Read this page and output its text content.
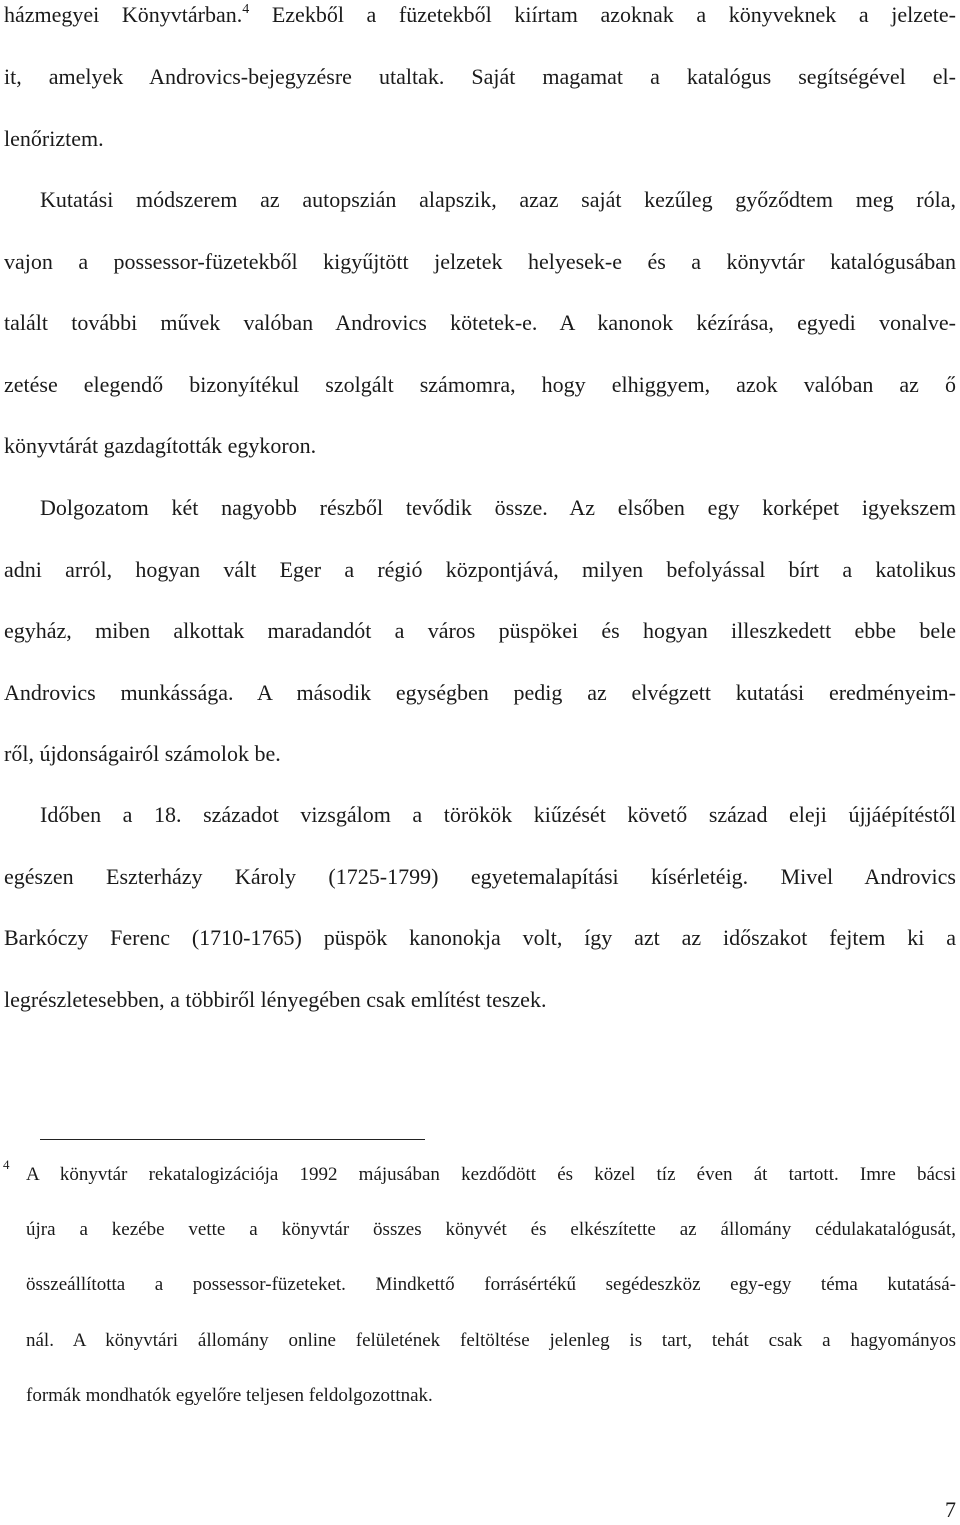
házmegyei Könyvtárban.$^4$ Ezekből a füzetekből kiírtam azoknak a könyveknek a jelzete-
it, amelyek Androvics-bejegyzésre utaltak. Saját magamat a katalógus segítségével el-
lenőriztem.
Kutatási módszerem az autopszián alapszik, azaz saját kezűleg győződtem meg róla,
vajon a possessor-füzetekből kigyűjtött jelzetek helyesek-e és a könyvtár katalógusában
talált további művek valóban Androvics kötetek-e. A kanonok kézírása, egyedi vonalve-
zetése elegendő bizonyítékul szolgált számomra, hogy elhiggyem, azok valóban az ő
könyvtárát gazdagították egykoron.
Dolgozatom két nagyobb részből tevődik össze. Az elsőben egy korképet igyekszem
adni arról, hogyan vált Eger a régió központjává, milyen befolyással bírt a katolikus
egyház, miben alkottak maradandót a város püspökei és hogyan illeszkedett ebbe bele
Androvics munkássága. A második egységben pedig az elvégzett kutatási eredményeim-
ről, újdonságairól számolok be.
Időben a 18. századot vizsgálom a törökök kiűzését követő század eleji újjáépítéstől
egészen Eszterházy Károly (1725-1799) egyetemalapítási kísérletéig. Mivel Androvics
Barkóczy Ferenc (1710-1765) püspök kanonokja volt, így azt az időszakot fejtem ki a
legrészletesebben, a többiről lényegében csak említést teszek.
4 A könyvtár rekatalogizációja 1992 májusában kezdődött és közel tíz éven át tartott. Imre bácsi
újra a kezébe vette a könyvtár összes könyvét és elkészítette az állomány cédulakatalógusát,
összeállította a possessor-füzeteket. Mindkettő forrásértékű segédeszköz egy-egy téma kutatásá-
nál. A könyvtári állomány online felületének feltöltése jelenleg is tart, tehát csak a hagyományos
formák mondhatók egyelőre teljesen feldolgozottnak.
7
